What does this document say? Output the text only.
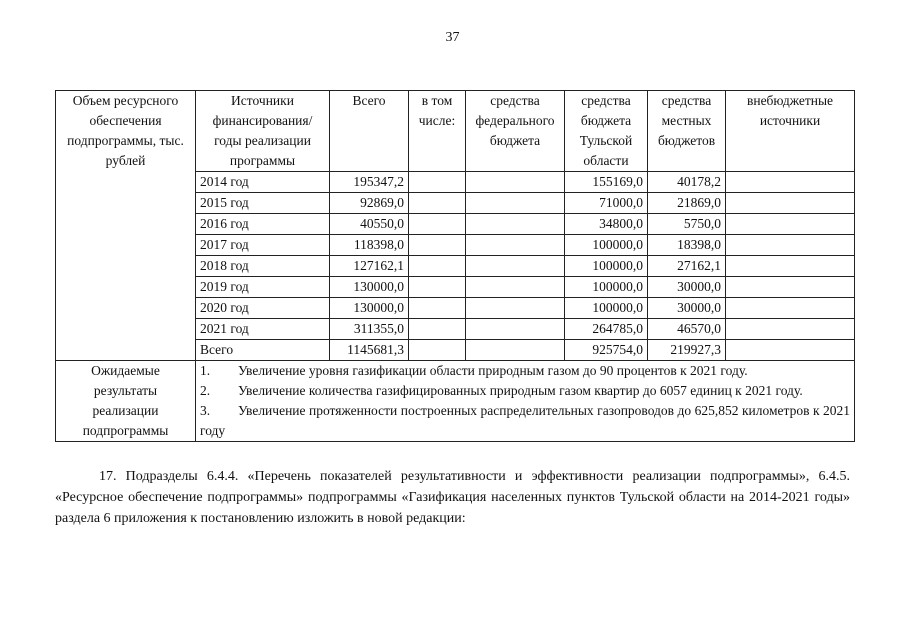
37
Объем ресурсного обеспечения подпрограммы, тыс. рублей	Источники финансирования/ годы реализации программы	Всего	в том числе:	средства федерального бюджета	средства бюджета Тульской области	средства местных бюджетов	внебюджетные источники
	2014 год	195347,2			155169,0	40178,2	
	2015 год	92869,0			71000,0	21869,0	
	2016 год	40550,0			34800,0	5750,0	
	2017 год	118398,0			100000,0	18398,0	
	2018 год	127162,1			100000,0	27162,1	
	2019 год	130000,0			100000,0	30000,0	
	2020 год	130000,0			100000,0	30000,0	
	2021 год	311355,0			264785,0	46570,0	
	Всего	1145681,3			925754,0	219927,3	
Ожидаемые результаты реализации подпрограммы	1. Увеличение уровня газификации области природным газом до 90 процентов к 2021 году.
2. Увеличение количества газифицированных природным газом квартир до 6057 единиц к 2021 году.
3. Увеличение протяженности построенных распределительных газопроводов до 625,852 километров к 2021 году						
17. Подразделы 6.4.4. «Перечень показателей результативности и эффективности реализации подпрограммы», 6.4.5. «Ресурсное обеспечение подпрограммы» подпрограммы «Газификация населенных пунктов Тульской области на 2014-2021 годы» раздела 6 приложения к постановлению изложить в новой редакции:
